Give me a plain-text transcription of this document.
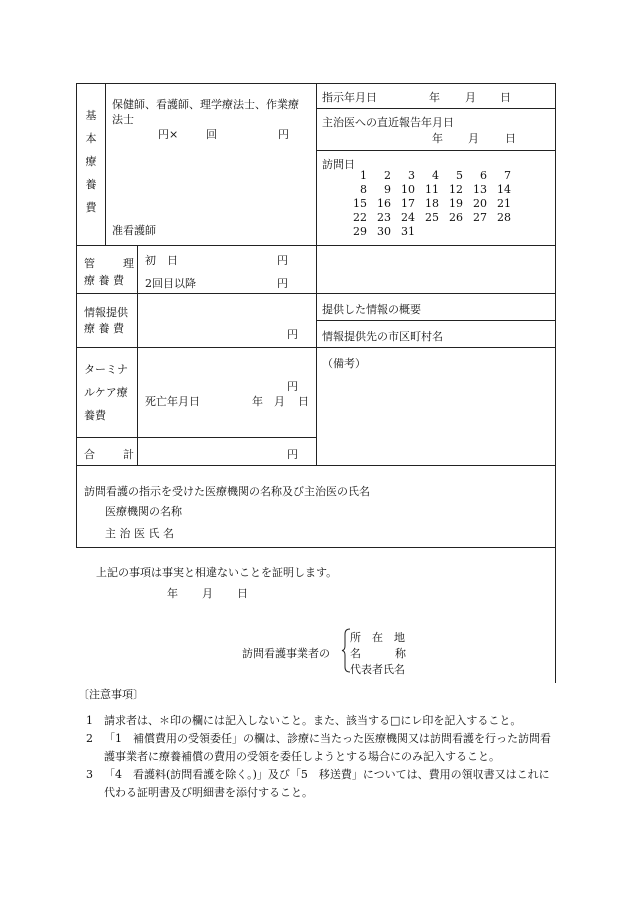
基
本
療
養
費
保健師、看護師、理学療法士、作業療
法士
円×	回	円
准看護師
指示年月日	年 月 日
主治医への直近報告年月日
年 月 日
訪問日
1	2	3	4	5	6	7
8	9 10 11 12 13 14
15 16 17 18 19 20 21
22 23 24 25 26 27 28
29 30 31
管	理
療 養 費
初　日	円
2回目以降	円
情報提供
療 養 費	円
提供した情報の概要
情報提供先の市区町村名
ターミナ
ルケア療
養費
円
死亡年月日	年 月 日
（備考）
合	計	円
訪問看護の指示を受けた医療機関の名称及び主治医の氏名
医療機関の名称
主 治 医 氏 名
上記の事項は事実と相違ないことを証明します。
年 月 日
訪問看護事業者の
所　在　地
名	称
代表者氏名
〔注意事項〕
1 請求者は、＊印の欄には記入しないこと。また、該当する□にレ印を記入すること。
2 「1　補償費用の受領委任」の欄は、診療に当たった医療機関又は訪問看護を行った訪問看護事業者に療養補償の費用の受領を委任しようとする場合にのみ記入すること。
3 「4　看護料(訪問看護を除く。)」及び「5　移送費」については、費用の領収書又はこれに代わる証明書及び明細書を添付すること。
